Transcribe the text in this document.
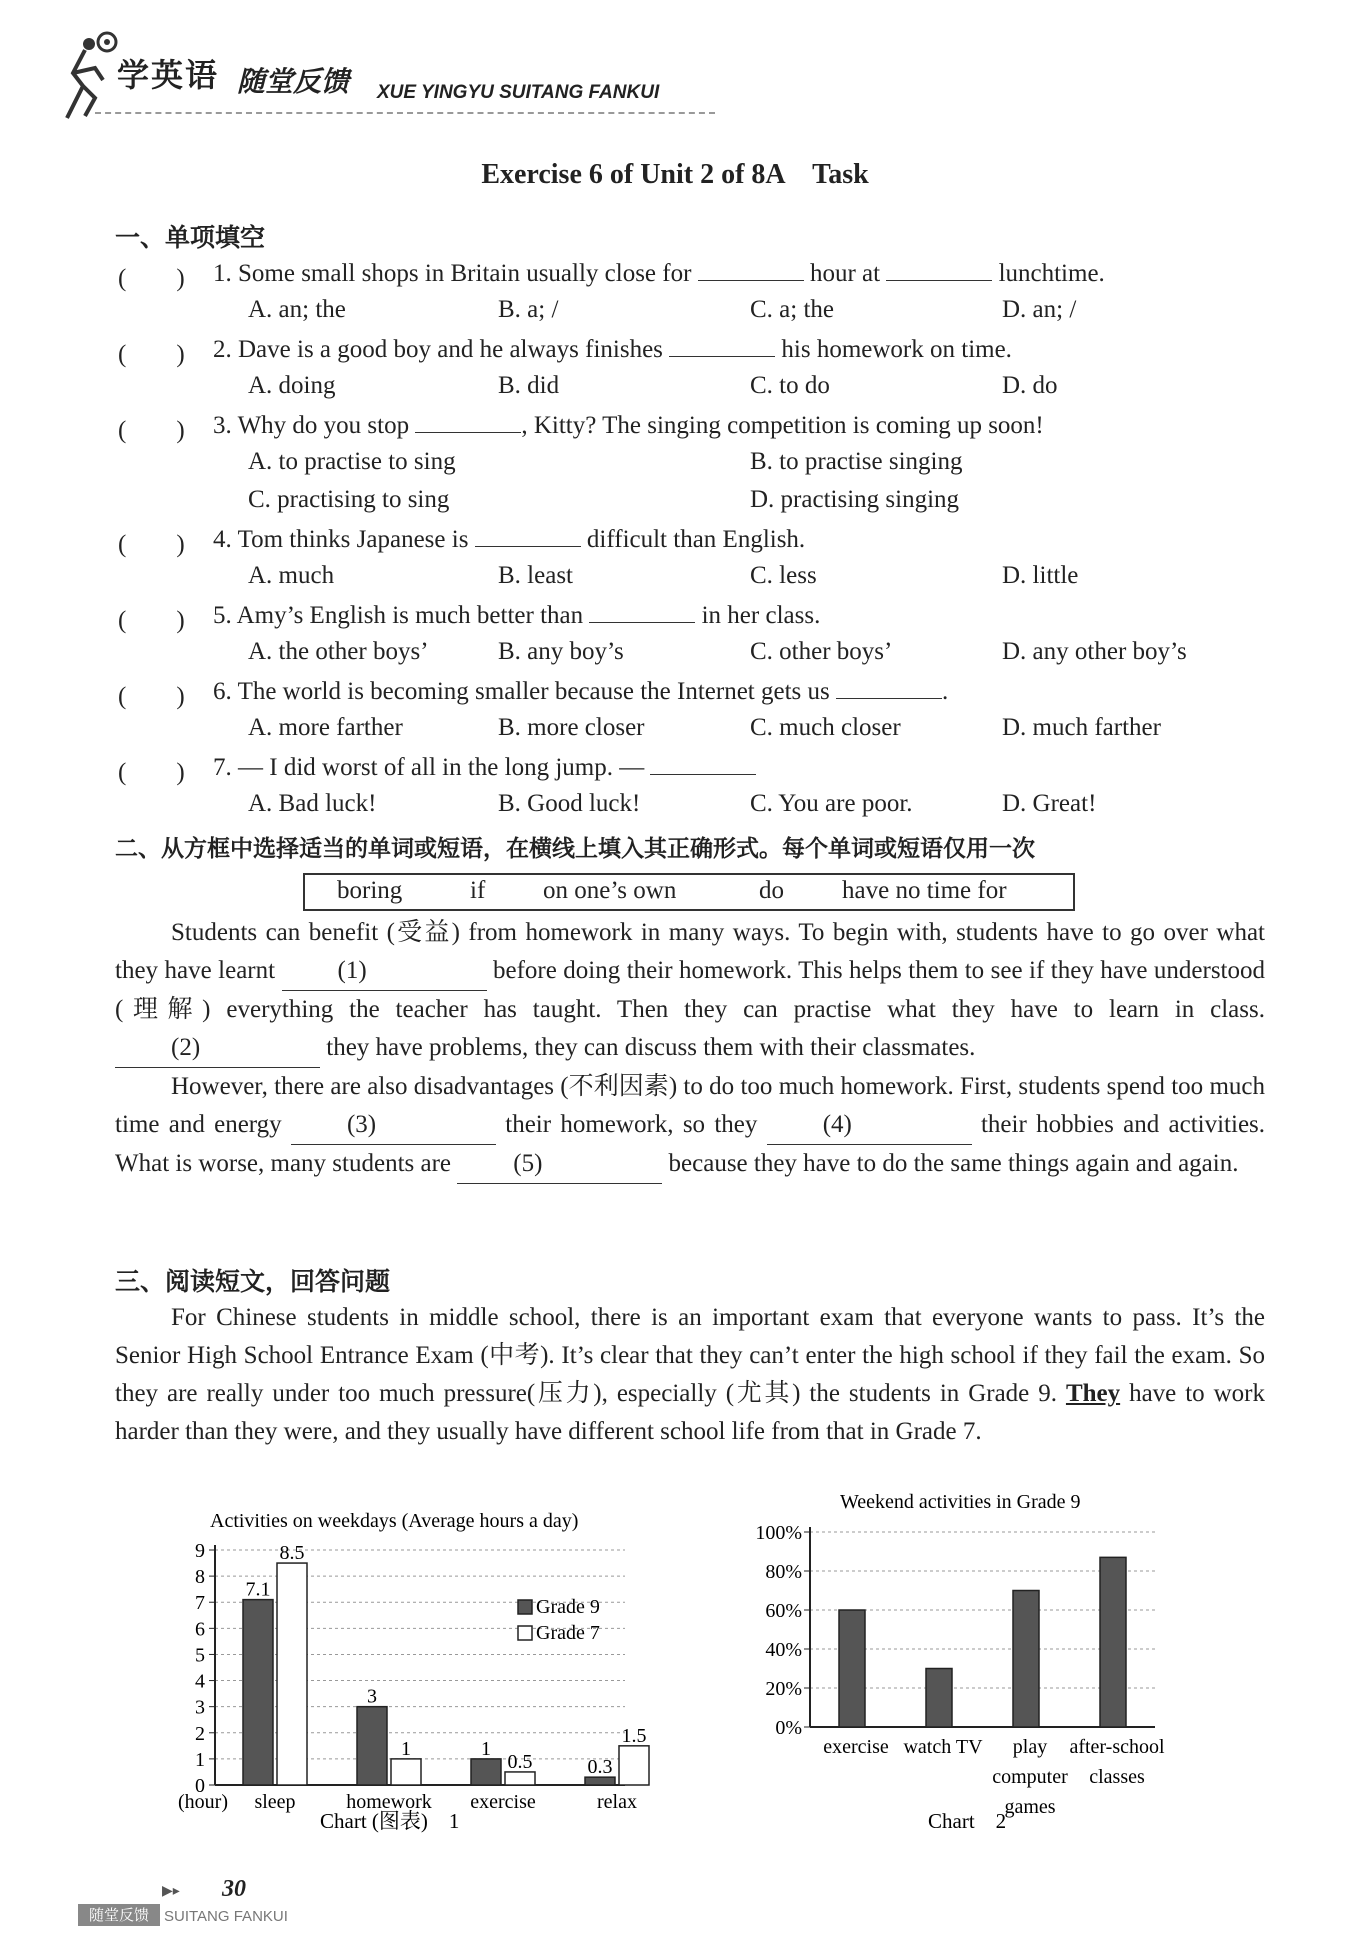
学英语 随堂反馈 XUE YINGYU SUITANG FANKUI
Exercise 6 of Unit 2 of 8A　Task
一、单项填空
(　　) 1. Some small shops in Britain usually close for	hour at	lunchtime.
A. an; the	B. a; /	C. a; the	D. an; /
(　　) 2. Dave is a good boy and he always finishes	his homework on time.
A. doing	B. did	C. to do	D. do
(　　) 3. Why do you stop	, Kitty? The singing competition is coming up soon!
A. to practise to sing	B. to practise singing
C. practising to sing	D. practising singing
(　　) 4. Tom thinks Japanese is	difficult than English.
A. much	B. least	C. less	D. little
(　　) 5. Amy’s English is much better than	in her class.
A. the other boys’	B. any boy’s	C. other boys’	D. any other boy’s
(　　) 6. The world is becoming smaller because the Internet gets us	.
A. more farther	B. more closer	C. much closer	D. much farther
(　　) 7. — I did worst of all in the long jump. —
A. Bad luck!	B. Good luck!	C. You are poor.	D. Great!
二、从方框中选择适当的单词或短语，在横线上填入其正确形式。每个单词或短语仅用一次
boring	if on one’s own	do have no time for

Students can benefit (受益) from homework in many ways. To begin with, students have to go over what they have learnt (1)	before doing their homework. This helps them to see if they have understood (理解) everything the teacher has taught. Then they can practise what they have to learn in class. (2)	they have problems, they can discuss them with their classmates.

However, there are also disadvantages (不利因素) to do too much homework. First, students spend too much time and energy	(3)	their homework, so they	(4)	their hobbies and activities. What is worse, many students are (5)	because they have to do the same things again and again.

三、阅读短文，回答问题

For Chinese students in middle school, there is an important exam that everyone wants to pass. It’s the Senior High School Entrance Exam (中考). It’s clear that they can’t enter the high school if they fail the exam. So they are really under too much pressure(压力), especially (尤其) the students in Grade 9. They have to work harder than they were, and they usually have different school life from that in Grade 7.

Activities on weekdays (Average hours a day)
0
1
2
3
4
5
6
7
8
9
7.1
8.5
sleep
3
1
homework
1
0.5
exercise
0.3
1.5
relax
(hour)
Grade 9
Grade 7
Chart (图表)　1
Weekend activities in Grade 9
0%
20%
40%
60%
80%
100%
exercise watch TV	play computer games
after-school classes
Chart　2
▶▸ 30
随堂反馈	SUITANG FANKUI
